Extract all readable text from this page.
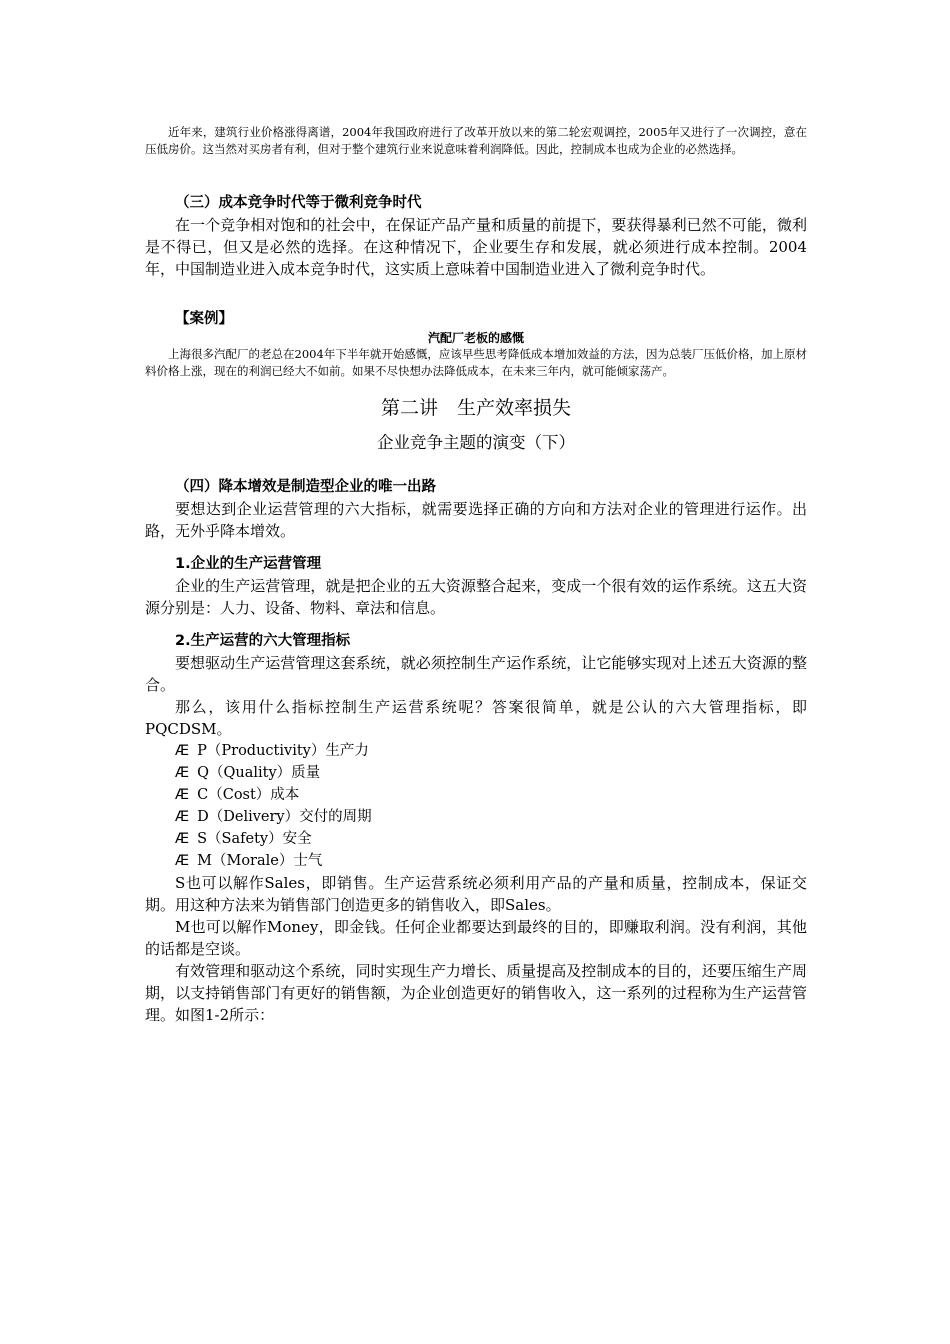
近年来，建筑行业价格涨得离谱，2004年我国政府进行了改革开放以来的第二轮宏观调控，2005年又进行了一次调控，意在压低房价。这当然对买房者有利，但对于整个建筑行业来说意味着利润降低。因此，控制成本也成为企业的必然选择。

（三）成本竞争时代等于微利竞争时代

在一个竞争相对饱和的社会中，在保证产品产量和质量的前提下，要获得暴利已然不可能，微利是不得已，但又是必然的选择。在这种情况下，企业要生存和发展，就必须进行成本控制。2004年，中国制造业进入成本竞争时代，这实质上意味着中国制造业进入了微利竞争时代。

【案例】

汽配厂老板的感慨

上海很多汽配厂的老总在2004年下半年就开始感慨，应该早些思考降低成本增加效益的方法，因为总装厂压低价格，加上原材料价格上涨，现在的利润已经大不如前。如果不尽快想办法降低成本，在未来三年内，就可能倾家荡产。

第二讲　生产效率损失

企业竞争主题的演变（下）

（四）降本增效是制造型企业的唯一出路

要想达到企业运营管理的六大指标，就需要选择正确的方向和方法对企业的管理进行运作。出路，无外乎降本增效。

1.企业的生产运营管理

企业的生产运营管理，就是把企业的五大资源整合起来，变成一个很有效的运作系统。这五大资源分别是：人力、设备、物料、章法和信息。

2.生产运营的六大管理指标

要想驱动生产运营管理这套系统，就必须控制生产运作系统，让它能够实现对上述五大资源的整合。

那么，该用什么指标控制生产运营系统呢？答案很简单，就是公认的六大管理指标，即PQCDSM。

Æ P（Productivity）生产力

Æ Q（Quality）质量

Æ C（Cost）成本

Æ D（Delivery）交付的周期

Æ S（Safety）安全

Æ M（Morale）士气

S也可以解作Sales，即销售。生产运营系统必须利用产品的产量和质量，控制成本，保证交期。用这种方法来为销售部门创造更多的销售收入，即Sales。

M也可以解作Money，即金钱。任何企业都要达到最终的目的，即赚取利润。没有利润，其他的话都是空谈。

有效管理和驱动这个系统，同时实现生产力增长、质量提高及控制成本的目的，还要压缩生产周期，以支持销售部门有更好的销售额，为企业创造更好的销售收入，这一系列的过程称为生产运营管理。如图1-2所示：
